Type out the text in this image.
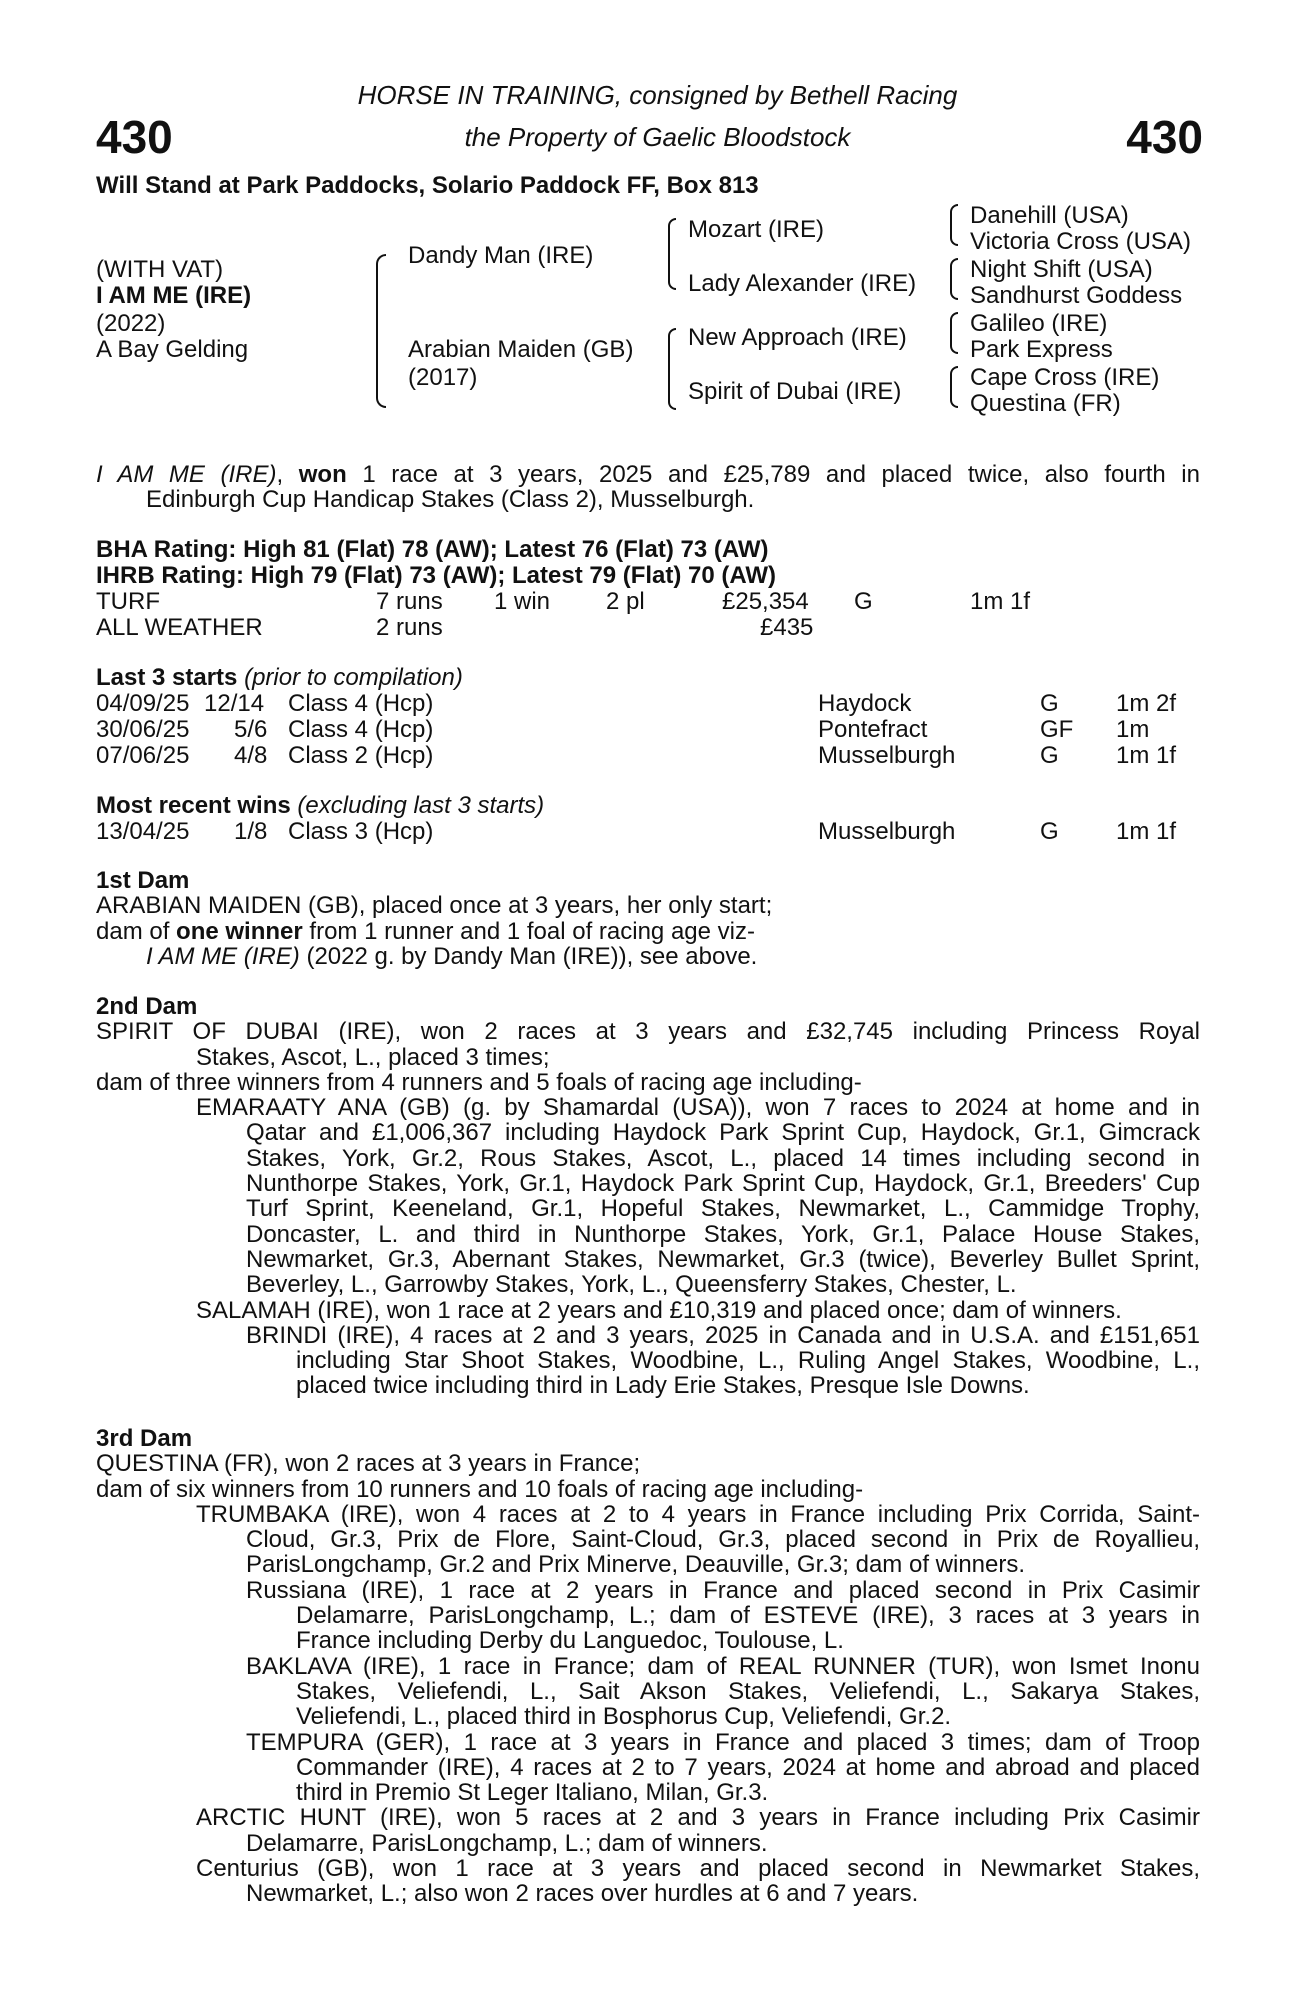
430	430
HORSE IN TRAINING, consigned by Bethell Racing
the Property of Gaelic Bloodstock
Will Stand at Park Paddocks, Solario Paddock FF, Box 813
(WITH VAT)
I AM ME (IRE)
(2022)
A Bay Gelding
Dandy Man (IRE)
Arabian Maiden (GB)
(2017)
Mozart (IRE)
Lady Alexander (IRE)
New Approach (IRE)
Spirit of Dubai (IRE)
Danehill (USA)
Victoria Cross (USA)
Night Shift (USA)
Sandhurst Goddess
Galileo (IRE)
Park Express
Cape Cross (IRE)
Questina (FR)
I AM ME (IRE), won 1 race at 3 years, 2025 and £25,789 and placed twice, also fourth in
Edinburgh Cup Handicap Stakes (Class 2), Musselburgh.
BHA Rating: High 81 (Flat) 78 (AW); Latest 76 (Flat) 73 (AW)
IHRB Rating: High 79 (Flat) 73 (AW); Latest 79 (Flat) 70 (AW)
TURF	7 runs 1 win 2 pl	£25,354 G	1m 1f
ALL WEATHER	2 runs	£435
Last 3 starts (prior to compilation)
04/09/25 12/14 Class 4 (Hcp)	Haydock	G 1m 2f
30/06/25 5/6 Class 4 (Hcp)	Pontefract	GF 1m
07/06/25 4/8 Class 2 (Hcp)	Musselburgh	G 1m 1f
Most recent wins (excluding last 3 starts)
13/04/25 1/8 Class 3 (Hcp)	Musselburgh	G 1m 1f
1st Dam
ARABIAN MAIDEN (GB), placed once at 3 years, her only start;
dam of one winner from 1 runner and 1 foal of racing age viz-
I AM ME (IRE) (2022 g. by Dandy Man (IRE)), see above.
2nd Dam
SPIRIT OF DUBAI (IRE), won 2 races at 3 years and £32,745 including Princess Royal
Stakes, Ascot, L., placed 3 times;
dam of three winners from 4 runners and 5 foals of racing age including-
EMARAATY ANA (GB) (g. by Shamardal (USA)), won 7 races to 2024 at home and in
Qatar and £1,006,367 including Haydock Park Sprint Cup, Haydock, Gr.1, Gimcrack
Stakes, York, Gr.2, Rous Stakes, Ascot, L., placed 14 times including second in
Nunthorpe Stakes, York, Gr.1, Haydock Park Sprint Cup, Haydock, Gr.1, Breeders' Cup
Turf Sprint, Keeneland, Gr.1, Hopeful Stakes, Newmarket, L., Cammidge Trophy,
Doncaster, L. and third in Nunthorpe Stakes, York, Gr.1, Palace House Stakes,
Newmarket, Gr.3, Abernant Stakes, Newmarket, Gr.3 (twice), Beverley Bullet Sprint,
Beverley, L., Garrowby Stakes, York, L., Queensferry Stakes, Chester, L.
SALAMAH (IRE), won 1 race at 2 years and £10,319 and placed once; dam of winners.
BRINDI (IRE), 4 races at 2 and 3 years, 2025 in Canada and in U.S.A. and £151,651
including Star Shoot Stakes, Woodbine, L., Ruling Angel Stakes, Woodbine, L.,
placed twice including third in Lady Erie Stakes, Presque Isle Downs.
3rd Dam
QUESTINA (FR), won 2 races at 3 years in France;
dam of six winners from 10 runners and 10 foals of racing age including-
TRUMBAKA (IRE), won 4 races at 2 to 4 years in France including Prix Corrida, Saint-
Cloud, Gr.3, Prix de Flore, Saint-Cloud, Gr.3, placed second in Prix de Royallieu,
ParisLongchamp, Gr.2 and Prix Minerve, Deauville, Gr.3; dam of winners.
Russiana (IRE), 1 race at 2 years in France and placed second in Prix Casimir
Delamarre, ParisLongchamp, L.; dam of ESTEVE (IRE), 3 races at 3 years in
France including Derby du Languedoc, Toulouse, L.
BAKLAVA (IRE), 1 race in France; dam of REAL RUNNER (TUR), won Ismet Inonu
Stakes, Veliefendi, L., Sait Akson Stakes, Veliefendi, L., Sakarya Stakes,
Veliefendi, L., placed third in Bosphorus Cup, Veliefendi, Gr.2.
TEMPURA (GER), 1 race at 3 years in France and placed 3 times; dam of Troop
Commander (IRE), 4 races at 2 to 7 years, 2024 at home and abroad and placed
third in Premio St Leger Italiano, Milan, Gr.3.
ARCTIC HUNT (IRE), won 5 races at 2 and 3 years in France including Prix Casimir
Delamarre, ParisLongchamp, L.; dam of winners.
Centurius (GB), won 1 race at 3 years and placed second in Newmarket Stakes,
Newmarket, L.; also won 2 races over hurdles at 6 and 7 years.
